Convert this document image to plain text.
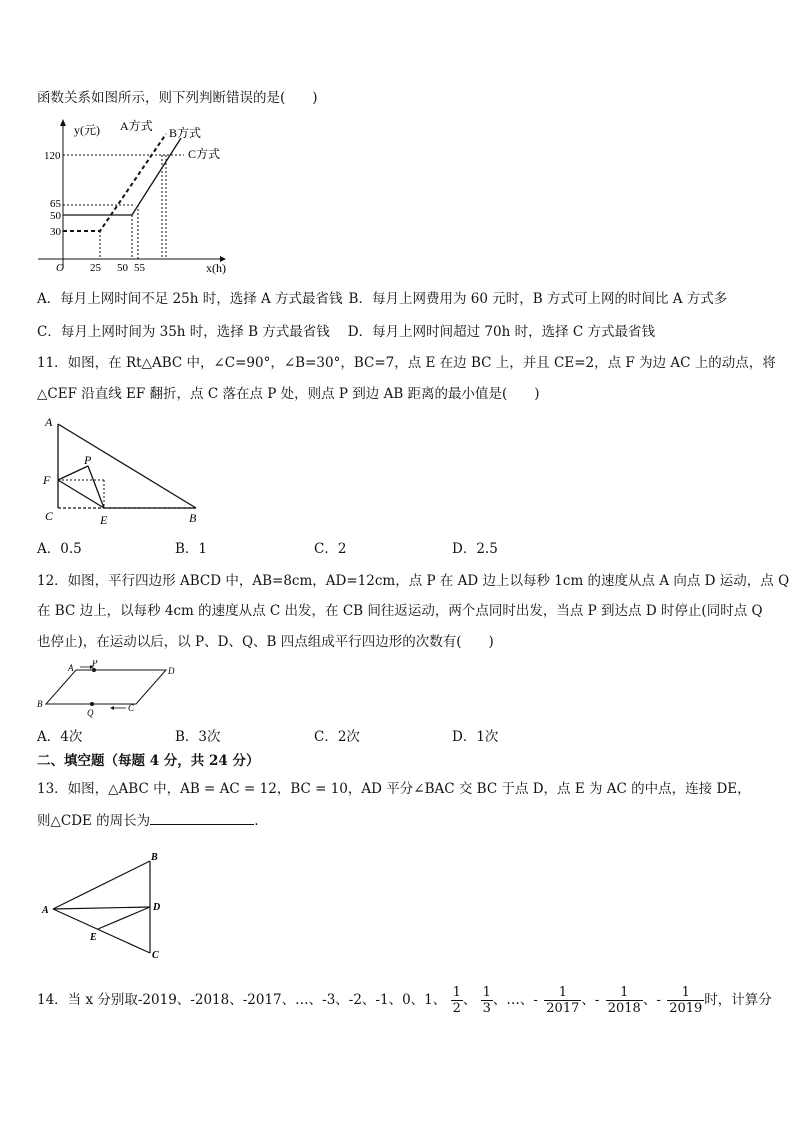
函数关系如图所示，则下列判断错误的是(　　)
y(元) A方式 B方式
C方式
120
65
50
30
O 25 50 55	x(h)
A．每月上网时间不足 25h 时，选择 A 方式最省钱 B．每月上网费用为 60 元时，B 方式可上网的时间比 A 方式多
C．每月上网时间为 35h 时，选择 B 方式最省钱 D．每月上网时间超过 70h 时，选择 C 方式最省钱
11．如图，在 Rt△ABC 中，∠C=90°，∠B=30°，BC=7，点 E 在边 BC 上，并且 CE=2，点 F 为边 AC 上的动点，将
△CEF 沿直线 EF 翻折，点 C 落在点 P 处，则点 P 到边 AB 距离的最小值是(　　)
A
F
P
C	E	B
A．0.5	B．1	C．2	D．2.5
12．如图，平行四边形 ABCD 中，AB=8cm，AD=12cm，点 P 在 AD 边上以每秒 1cm 的速度从点 A 向点 D 运动，点 Q
在 BC 边上，以每秒 4cm 的速度从点 C 出发，在 CB 间往返运动，两个点同时出发，当点 P 到达点 D 时停止(同时点 Q
也停止)，在运动以后，以 P、D、Q、B 四点组成平行四边形的次数有(　　)
A P
D
B
Q	C
A．4次	B．3次	C．2次	D．1次
二、填空题（每题 4 分，共 24 分）
13．如图，△ABC 中，AB = AC = 12，BC = 10，AD 平分∠BAC 交 BC 于点 D，点 E 为 AC 的中点，连接 DE，
则△CDE 的周长为	.
A
B
D
E
C
14．当 x 分别取-2019、-2018、-2017、…、-3、-2、-1、0、1、 $\frac{1}{2}$ 、 $\frac{1}{3}$ 、…、- $\frac{1}{2017}$ 、- $\frac{1}{2018}$ 、- $\frac{1}{2019}$ 时，计算分
